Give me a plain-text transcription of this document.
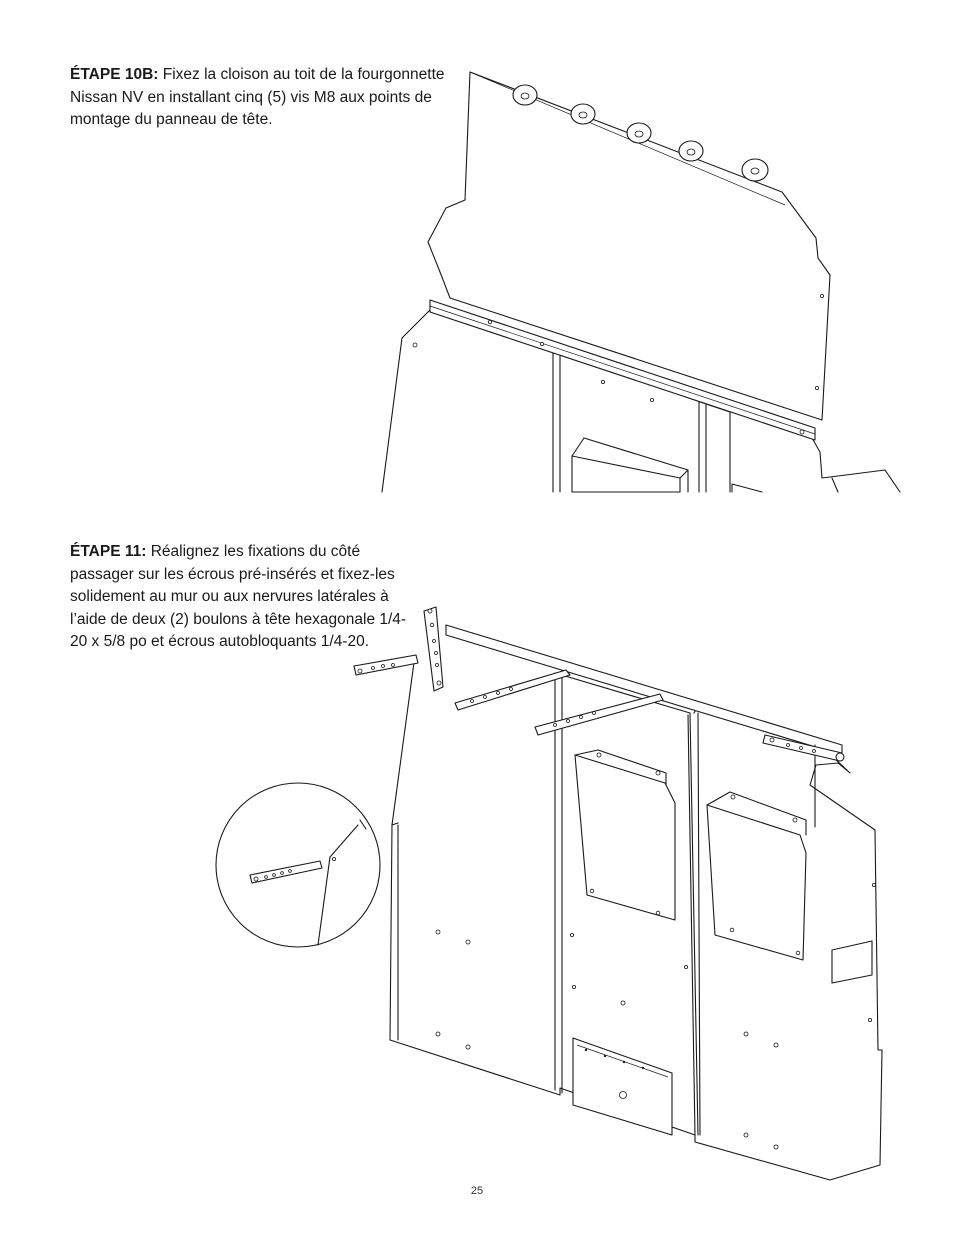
ÉTAPE 10B: Fixez la cloison au toit de la fourgonnette Nissan NV en installant cinq (5) vis M8 aux points de montage du panneau de tête.

ÉTAPE 11: Réalignez les fixations du côté passager sur les écrous pré-insérés et fixez-les solidement au mur ou aux nervures latérales à l’aide de deux (2) boulons à tête hexagonale 1/4-20 x 5/8 po et écrous autobloquants 1/4-20.

25
